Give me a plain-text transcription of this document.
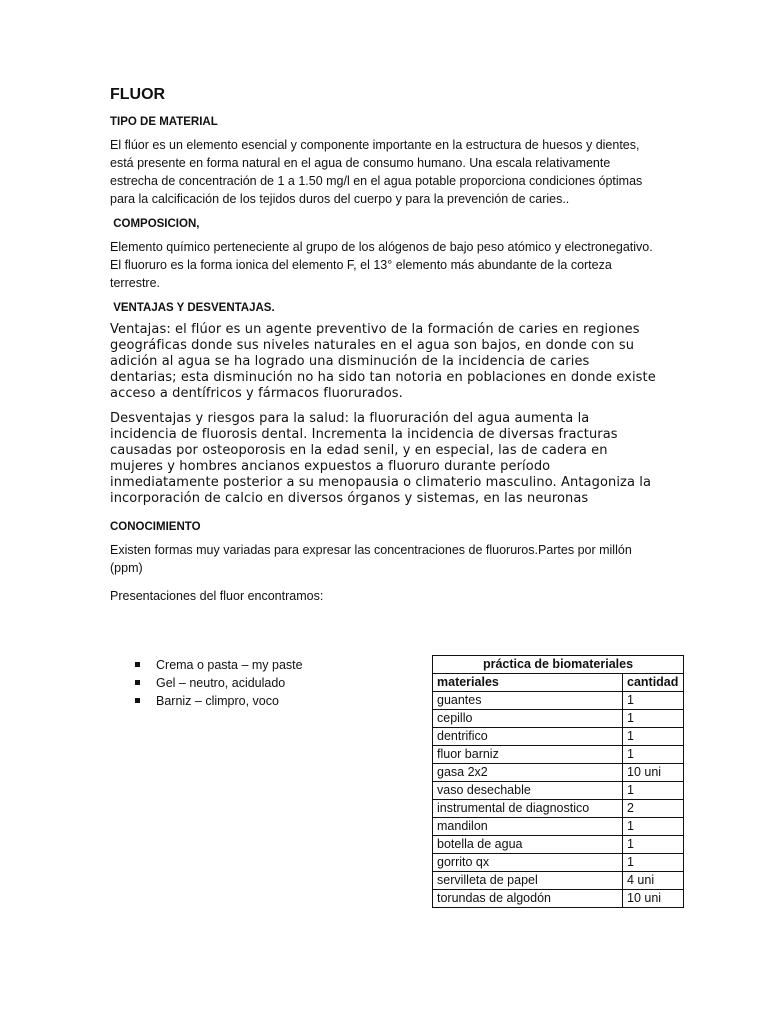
FLUOR
TIPO DE MATERIAL
El flúor es un elemento esencial y componente importante en la estructura de huesos y dientes, está presente en forma natural en el agua de consumo humano. Una escala relativamente estrecha de concentración de 1 a 1.50 mg/l en el agua potable proporciona condiciones óptimas para la calcificación de los tejidos duros del cuerpo y para la prevención de caries..
COMPOSICION,
Elemento químico perteneciente al grupo de los alógenos de bajo peso atómico y electronegativo. El fluoruro es la forma ionica del elemento F, el 13° elemento más abundante de la corteza terrestre.
VENTAJAS Y DESVENTAJAS.
Ventajas: el flúor es un agente preventivo de la formación de caries en regiones geográficas donde sus niveles naturales en el agua son bajos, en donde con su adición al agua se ha logrado una disminución de la incidencia de caries dentarias; esta disminución no ha sido tan notoria en poblaciones en donde existe acceso a dentífricos y fármacos fluorurados.
Desventajas y riesgos para la salud: la fluoruración del agua aumenta la incidencia de fluorosis dental. Incrementa la incidencia de diversas fracturas causadas por osteoporosis en la edad senil, y en especial, las de cadera en mujeres y hombres ancianos expuestos a fluoruro durante período inmediatamente posterior a su menopausia o climaterio masculino. Antagoniza la incorporación de calcio en diversos órganos y sistemas, en las neuronas
CONOCIMIENTO
Existen formas muy variadas para expresar las concentraciones de fluoruros.Partes por millón (ppm)
Presentaciones del fluor encontramos:
Crema o pasta – my paste
Gel – neutro, acidulado
Barniz – climpro, voco
práctica de biomateriales	
materiales	cantidad
guantes	1
cepillo	1
dentrifico	1
fluor barniz	1
gasa 2x2	10 uni
vaso desechable	1
instrumental de diagnostico	2
mandilon	1
botella de agua	1
gorrito qx	1
servilleta de papel	4 uni
torundas de algodón	10 uni
